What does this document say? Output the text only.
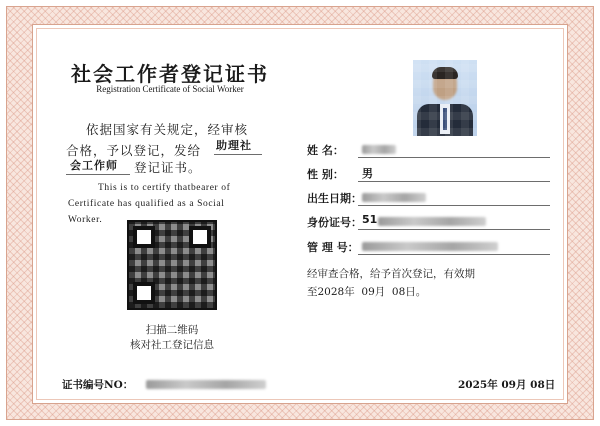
社会工作者登记证书
Registration Certificate of Social Worker
依据国家有关规定，经审核
合格，予以登记，发给 助理社
会工作师 登记证书。
This is to certify thatbearer of
Certificate has qualified as a Social
Worker.
扫描二维码
核对社工登记信息
姓 名：
性 别： 男
出生日期：
身份证号： 51
管 理 号：
经审查合格，给予首次登记，有效期
至2028年  09月  08日。
证书编号NO：	2025年 09月 08日
